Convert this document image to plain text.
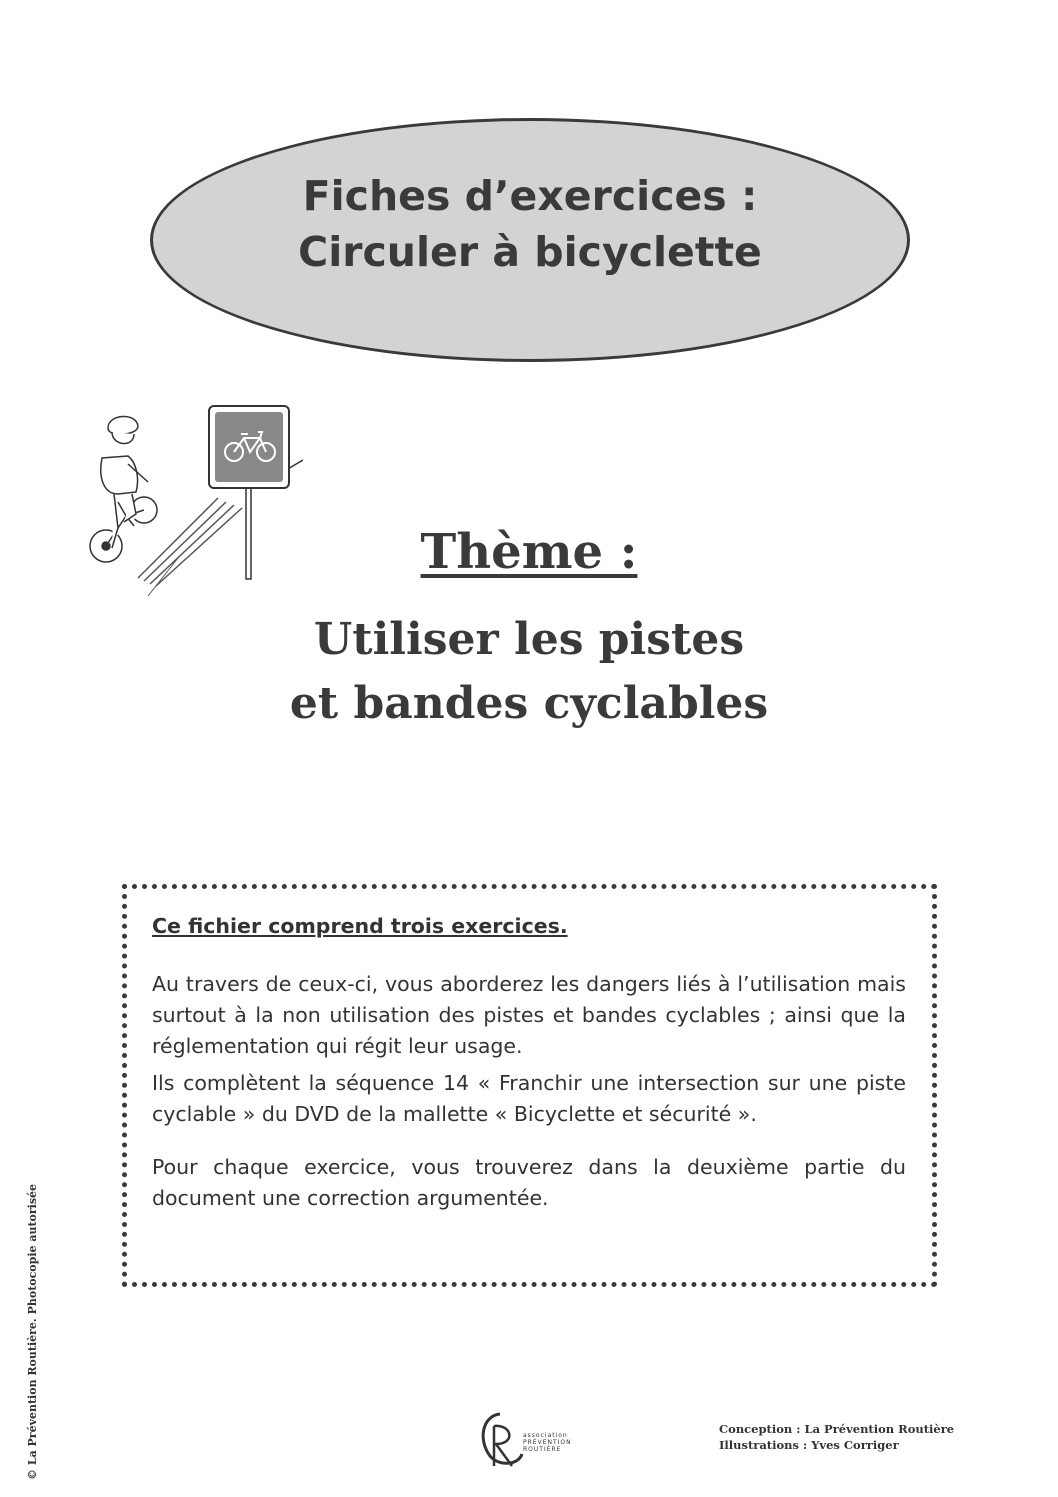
Fiches d’exercices :
Circuler à bicyclette
Thème :
Utiliser les pistes
et bandes cyclables
Ce fichier comprend trois exercices.

Au travers de ceux-ci, vous aborderez les dangers liés à l’utilisation mais surtout à la non utilisation des pistes et bandes cyclables ; ainsi que la réglementation qui régit leur usage.

Ils complètent la séquence 14 « Franchir une intersection sur une piste cyclable » du DVD de la mallette « Bicyclette et sécurité ».

Pour chaque exercice, vous trouverez dans la deuxième partie du document une correction argumentée.

© La Prévention Routière. Photocopie autorisée	association
PRÉVENTION
ROUTIÈRE
Conception : La Prévention Routière
Illustrations : Yves Corriger
